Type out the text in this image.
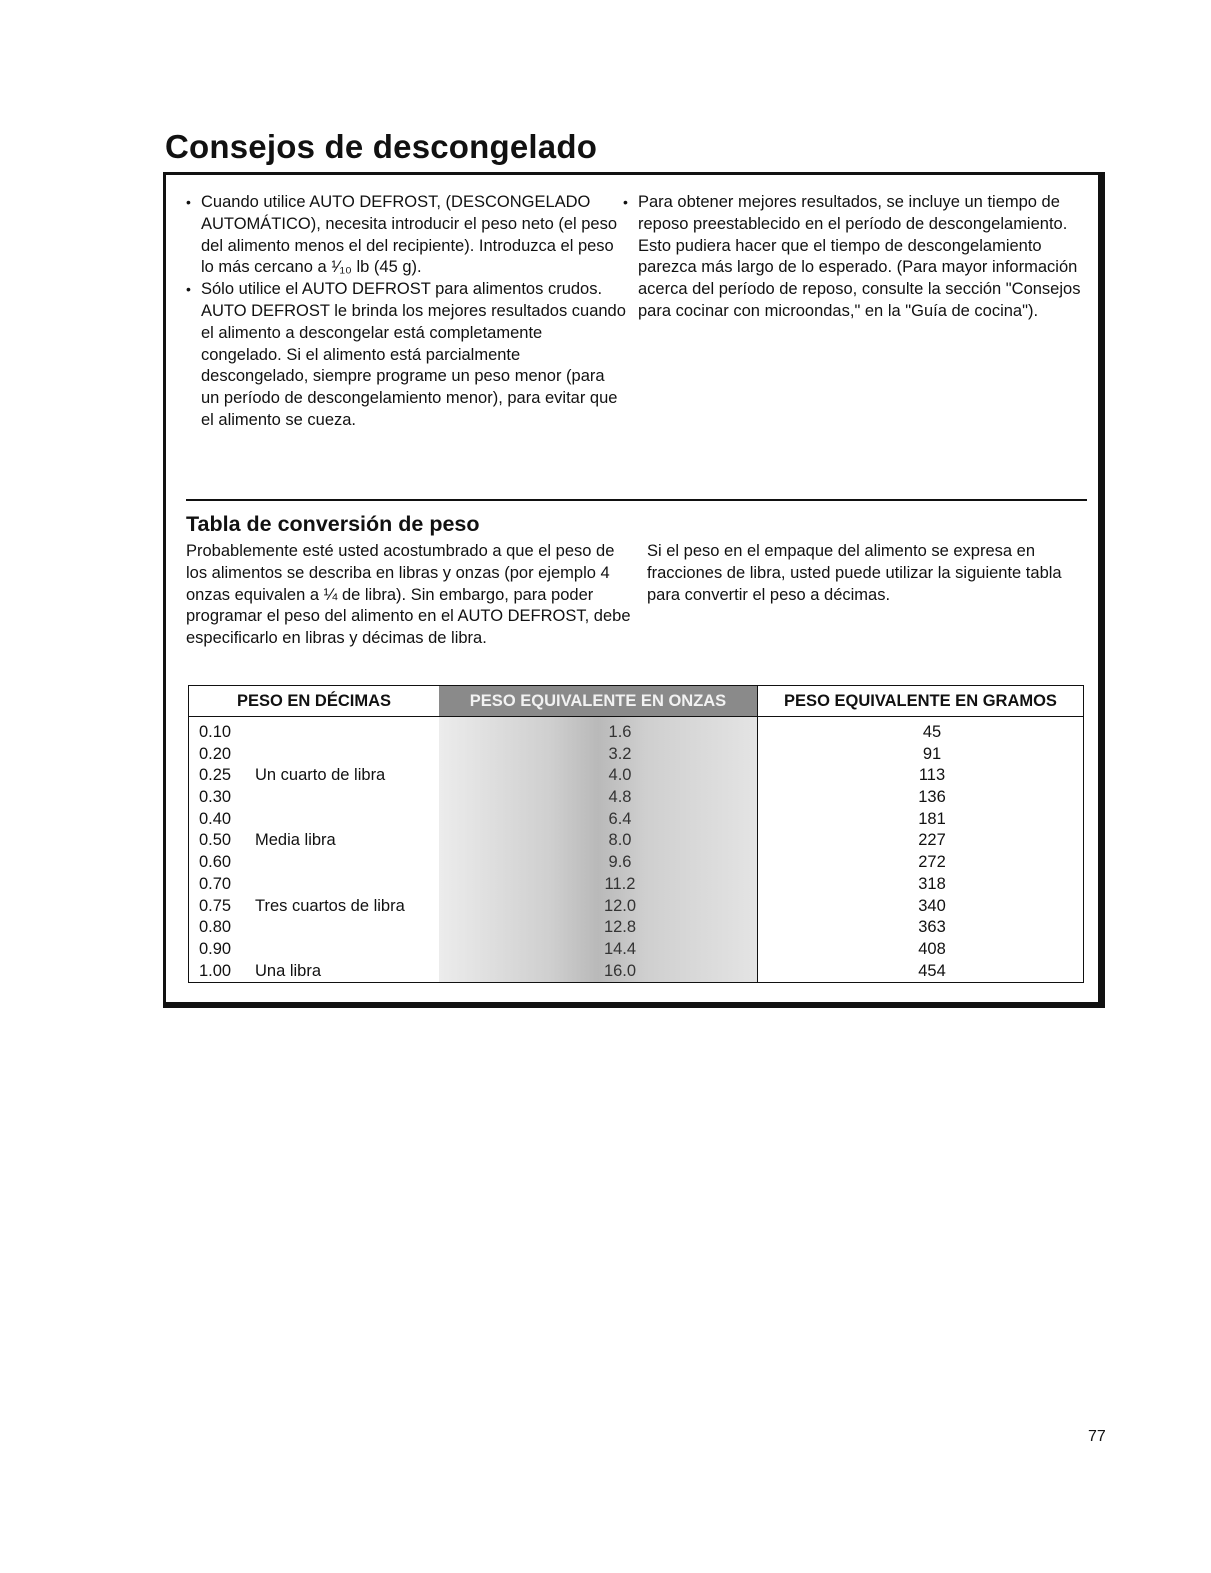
Consejos de descongelado
• Cuando utilice AUTO DEFROST, (DESCONGELADO AUTOMÁTICO), necesita introducir el peso neto (el peso del alimento menos el del recipiente). Introduzca el peso lo más cercano a ¹⁄₁₀ lb (45 g).
• Sólo utilice el AUTO DEFROST para alimentos crudos. AUTO DEFROST le brinda los mejores resultados cuando el alimento a descongelar está completamente congelado. Si el alimento está parcialmente descongelado, siempre programe un peso menor (para un período de descongelamiento menor), para evitar que el alimento se cueza.
• Para obtener mejores resultados, se incluye un tiempo de reposo preestablecido en el período de descongelamiento. Esto pudiera hacer que el tiempo de descongelamiento parezca más largo de lo esperado. (Para mayor información acerca del período de reposo, consulte la sección "Consejos para cocinar con microondas," en la "Guía de cocina").
Tabla de conversión de peso

Probablemente esté usted acostumbrado a que el peso de los alimentos se describa en libras y onzas (por ejemplo 4 onzas equivalen a ¼ de libra). Sin embargo, para poder programar el peso del alimento en el AUTO DEFROST, debe especificarlo en libras y décimas de libra.

Si el peso en el empaque del alimento se expresa en fracciones de libra, usted puede utilizar la siguiente tabla para convertir el peso a décimas.

PESO EN DÉCIMAS	PESO EQUIVALENTE EN ONZAS	PESO EQUIVALENTE EN GRAMOS
0.10	1.6	45
0.20	3.2	91
0.25	Un cuarto de libra	4.0	113
0.30	4.8	136
0.40	6.4	181
0.50	Media libra	8.0	227
0.60	9.6	272
0.70	11.2	318
0.75	Tres cuartos de libra	12.0	340
0.80	12.8	363
0.90	14.4	408
1.00	Una libra	16.0	454
77
